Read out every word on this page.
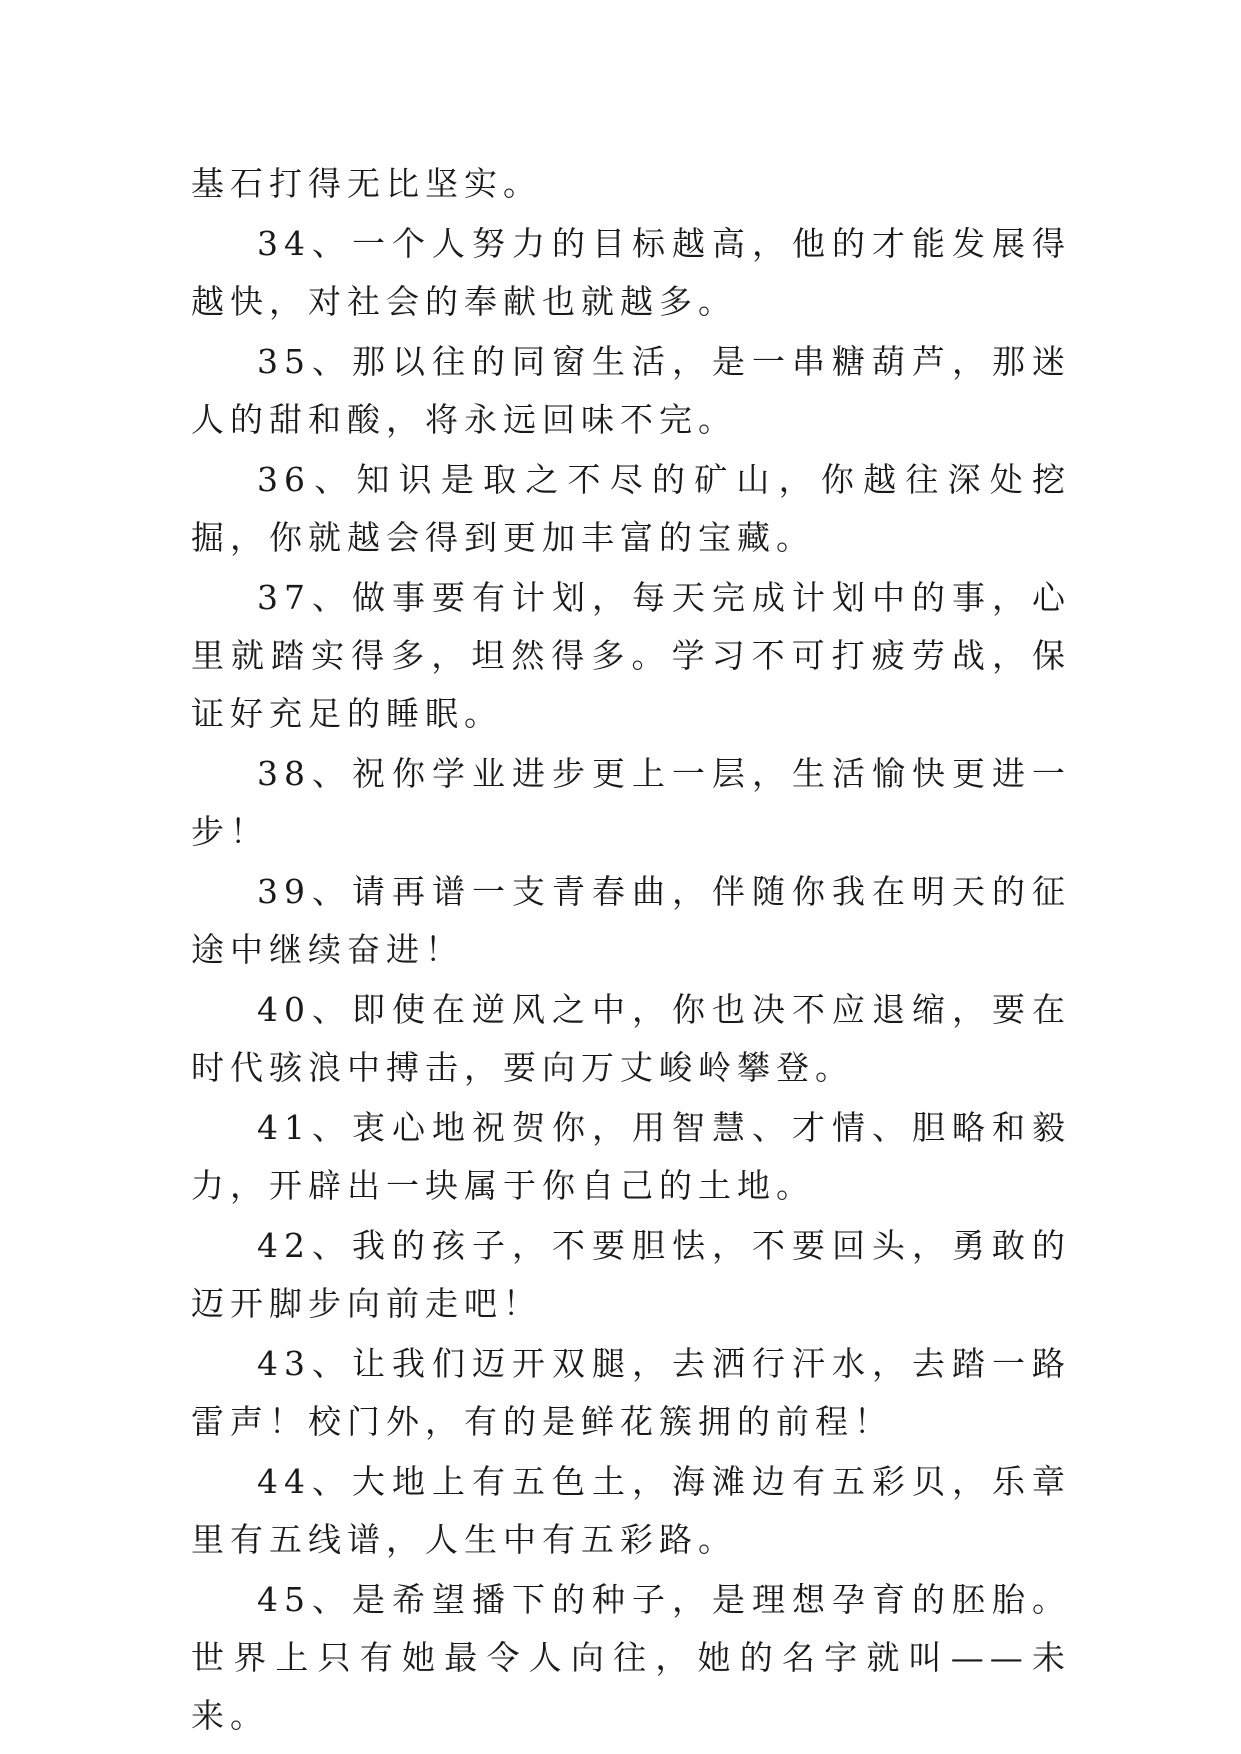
基石打得无比坚实。

34、一个人努力的目标越高，他的才能发展得越快，对社会的奉献也就越多。

35、那以往的同窗生活，是一串糖葫芦，那迷人的甜和酸，将永远回味不完。

36、知识是取之不尽的矿山，你越往深处挖掘，你就越会得到更加丰富的宝藏。

37、做事要有计划，每天完成计划中的事，心里就踏实得多，坦然得多。学习不可打疲劳战，保证好充足的睡眠。

38、祝你学业进步更上一层，生活愉快更进一步！

39、请再谱一支青春曲，伴随你我在明天的征途中继续奋进！

40、即使在逆风之中，你也决不应退缩，要在时代骇浪中搏击，要向万丈峻岭攀登。

41、衷心地祝贺你，用智慧、才情、胆略和毅力，开辟出一块属于你自己的土地。

42、我的孩子，不要胆怯，不要回头，勇敢的迈开脚步向前走吧！

43、让我们迈开双腿，去洒行汗水，去踏一路雷声！校门外，有的是鲜花簇拥的前程！

44、大地上有五色土，海滩边有五彩贝，乐章里有五线谱，人生中有五彩路。

45、是希望播下的种子，是理想孕育的胚胎。世界上只有她最令人向往，她的名字就叫——未来。
